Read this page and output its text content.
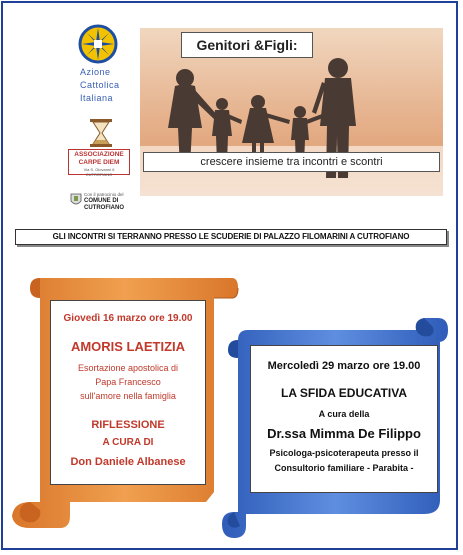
Azione
Cattolica
Italiana
ASSOCIAZIONE
CARPE DIEM
Via S. Giovanni 6
CUTROFIANO
Con il patrocinio del
COMUNE DI
CUTROFIANO
Genitori &Figli:
crescere insieme tra incontri e scontri
GLI INCONTRI SI TERRANNO PRESSO LE SCUDERIE DI PALAZZO FILOMARINI A CUTROFIANO
Giovedì 16 marzo ore 19.00
AMORIS LAETIZIA
Esortazione apostolica di
Papa Francesco
sull'amore nella famiglia
RIFLESSIONE
A CURA DI
Don Daniele Albanese
Mercoledì 29 marzo ore 19.00
LA SFIDA EDUCATIVA
A cura della
Dr.ssa Mimma De Filippo
Psicologa-psicoterapeuta presso il
Consultorio familiare - Parabita -
